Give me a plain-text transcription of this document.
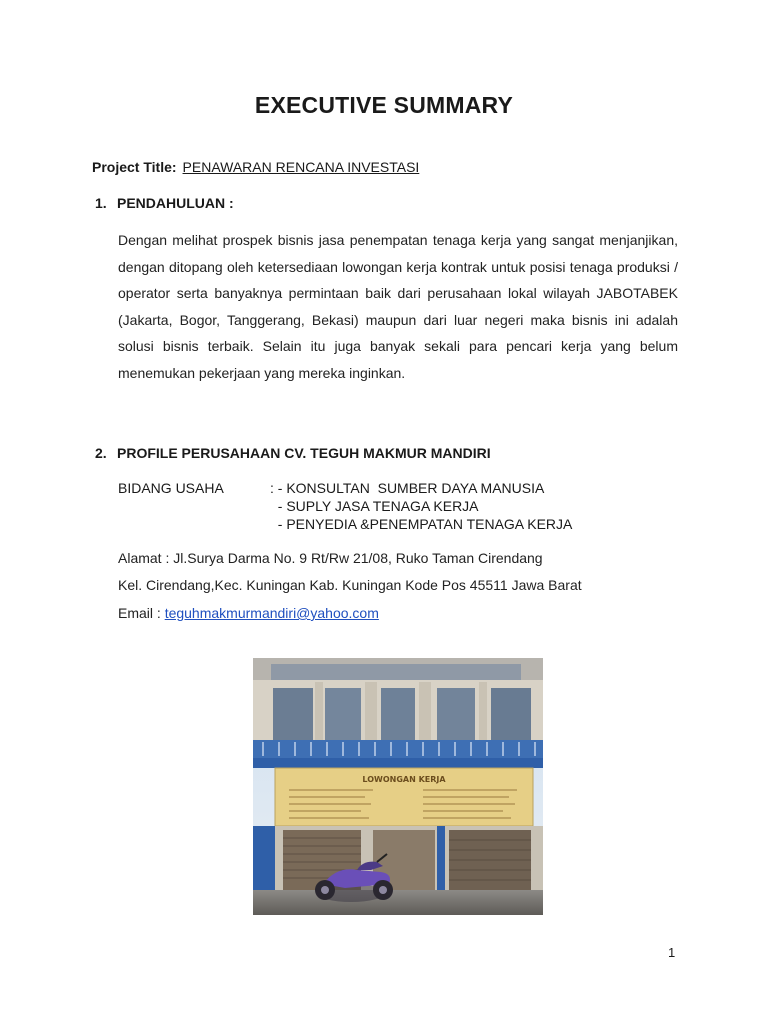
EXECUTIVE SUMMARY
Project Title: PENAWARAN RENCANA INVESTASI
1. PENDAHULUAN :

Dengan melihat prospek bisnis jasa penempatan tenaga kerja yang sangat menjanjikan, dengan ditopang oleh ketersediaan lowongan kerja kontrak untuk posisi tenaga produksi / operator serta banyaknya permintaan baik dari perusahaan lokal wilayah JABOTABEK (Jakarta, Bogor, Tanggerang, Bekasi) maupun dari luar negeri maka bisnis ini adalah solusi bisnis terbaik. Selain itu juga banyak sekali para pencari kerja yang belum menemukan pekerjaan yang mereka inginkan.

2. PROFILE PERUSAHAAN CV. TEGUH MAKMUR MANDIRI
BIDANG USAHA	: - KONSULTAN  SUMBER DAYA MANUSIA
- SUPLY JASA TENAGA KERJA
- PENYEDIA &PENEMPATAN TENAGA KERJA
Alamat : Jl.Surya Darma No. 9 Rt/Rw 21/08, Ruko Taman Cirendang
Kel. Cirendang,Kec. Kuningan Kab. Kuningan Kode Pos 45511 Jawa Barat
Email : teguhmakmurmandiri@yahoo.com
LOWONGAN KERJA
1
